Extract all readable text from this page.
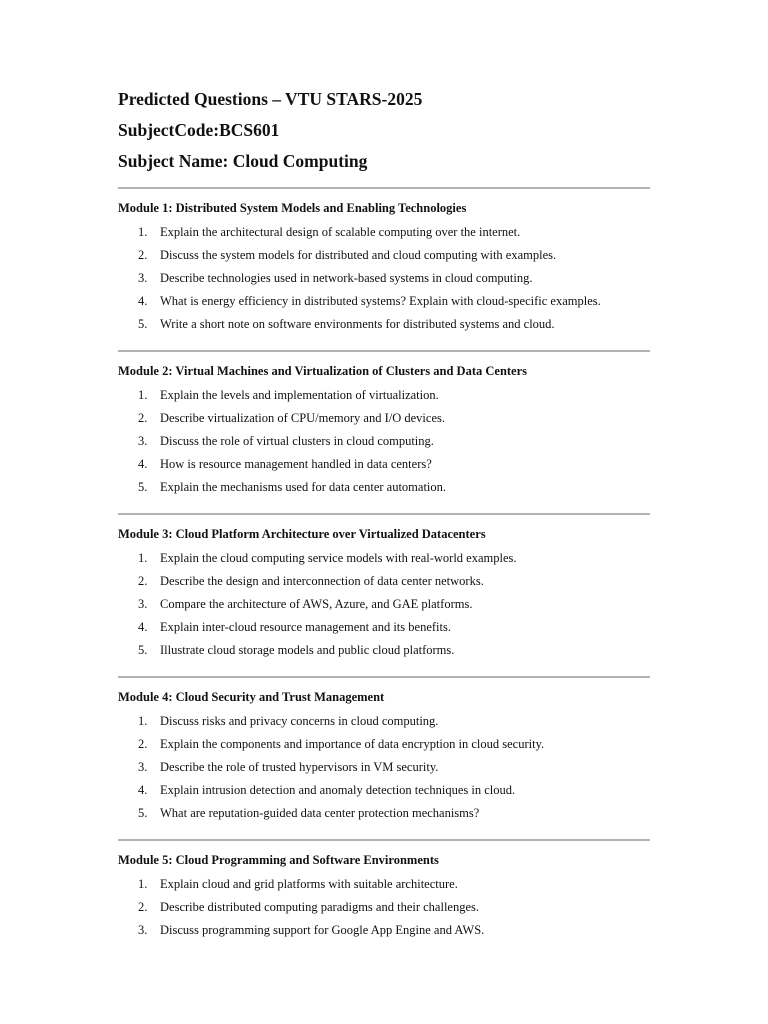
Predicted Questions – VTU STARS-2025
SubjectCode:BCS601
Subject Name: Cloud Computing
Module 1: Distributed System Models and Enabling Technologies
1. Explain the architectural design of scalable computing over the internet.
2. Discuss the system models for distributed and cloud computing with examples.
3. Describe technologies used in network-based systems in cloud computing.
4. What is energy efficiency in distributed systems? Explain with cloud-specific examples.
5. Write a short note on software environments for distributed systems and cloud.
Module 2: Virtual Machines and Virtualization of Clusters and Data Centers
1. Explain the levels and implementation of virtualization.
2. Describe virtualization of CPU/memory and I/O devices.
3. Discuss the role of virtual clusters in cloud computing.
4. How is resource management handled in data centers?
5. Explain the mechanisms used for data center automation.
Module 3: Cloud Platform Architecture over Virtualized Datacenters
1. Explain the cloud computing service models with real-world examples.
2. Describe the design and interconnection of data center networks.
3. Compare the architecture of AWS, Azure, and GAE platforms.
4. Explain inter-cloud resource management and its benefits.
5. Illustrate cloud storage models and public cloud platforms.
Module 4: Cloud Security and Trust Management
1. Discuss risks and privacy concerns in cloud computing.
2. Explain the components and importance of data encryption in cloud security.
3. Describe the role of trusted hypervisors in VM security.
4. Explain intrusion detection and anomaly detection techniques in cloud.
5. What are reputation-guided data center protection mechanisms?
Module 5: Cloud Programming and Software Environments
1. Explain cloud and grid platforms with suitable architecture.
2. Describe distributed computing paradigms and their challenges.
3. Discuss programming support for Google App Engine and AWS.
